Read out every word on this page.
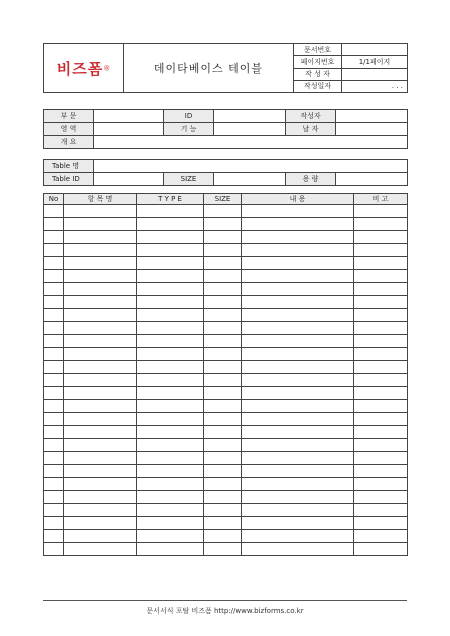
비즈폼®	데이타베이스 테이블	문서번호	
		페이지번호	1/1페이지
		작 성 자	
		작성일자	. . .
부 문		ID		작성자	
영 역		기 능		날 자	
개 요					
Table 명					
Table ID		SIZE		용 량	
No	항 목 명	T Y P E	SIZE	내 용	비 고

문서서식 포탈 비즈폼 http://www.bizforms.co.kr
